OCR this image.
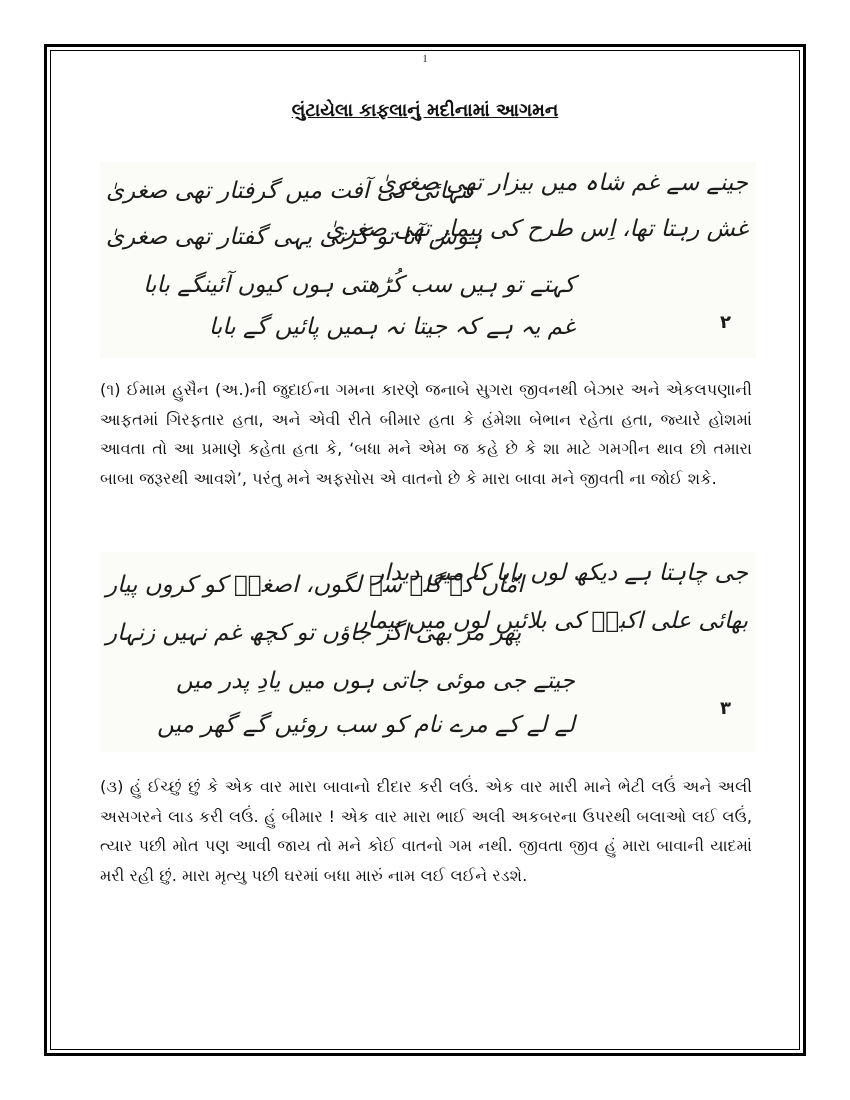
1
લુંટાયેલા કાફલાનું મદીનામાં આગમન
جینے سے غم شاہ میں بیزار تھی صغریٰ
تنہائی کی آفت میں گرفتار تھی صغریٰ
غش رہتا تھا، اِس طرح کی بیمار تھی صغریٰ
ہوش آتا تو کرتی یہی گفتار تھی صغریٰ
کہتے تو ہیں سب کُڑھتی ہوں کیوں آئینگے بابا
غم یہ ہے کہ جیتا نہ ہمیں پائیں گے بابا	۲

(૧) ઈમામ હુસૈન (અ.)ની જુદાઈના ગમના કારણે જનાબે સુગરા જીવનથી બેઝાર અને એકલપણાની આફતમાં ગિરફતાર હતા, અને એવી રીતે બીમાર હતા કે હંમેશા બેભાન રહેતા હતા, જ્યારે હોશમાં આવતા તો આ પ્રમાણે કહેતા હતા કે, ‘બધા મને એમ જ કહે છે કે શા માટે ગમગીન થાવ છો તમારા બાબા જરૂરથી આવશે’, પરંતુ મને અફસોસ એ વાતનો છે કે મારા બાવા મને જીવતી ના જોઈ શકે.

جی چاہتا ہے دیکھ لوں بابا کا میں دیدار
امّاں کے گلے سے لگوں، اصغرؑ کو کروں پیار
بھائی علی اکبرؑ کی بلائیں لوں میں بیمار
پھر مر بھی اگر جاؤں تو کچھ غم نہیں زنہار
جیتے جی موئی جاتی ہوں میں یادِ پدر میں
لے لے کے مرے نام کو سب روئیں گے گھر میں
۳

(૩) હું ઈચ્છું છું કે એક વાર મારા બાવાનો દીદાર કરી લઉં. એક વાર મારી માને ભેટી લઉં અને અલી અસગરને લાડ કરી લઉં. હું બીમાર ! એક વાર મારા ભાઈ અલી અકબરના ઉપરથી બલાઓ લઈ લઉં, ત્યાર પછી મોત પણ આવી જાય તો મને કોઈ વાતનો ગમ નથી. જીવતા જીવ હું મારા બાવાની યાદમાં મરી રહી છું. મારા મૃત્યુ પછી ઘરમાં બધા મારું નામ લઈ લઈને રડશે.
